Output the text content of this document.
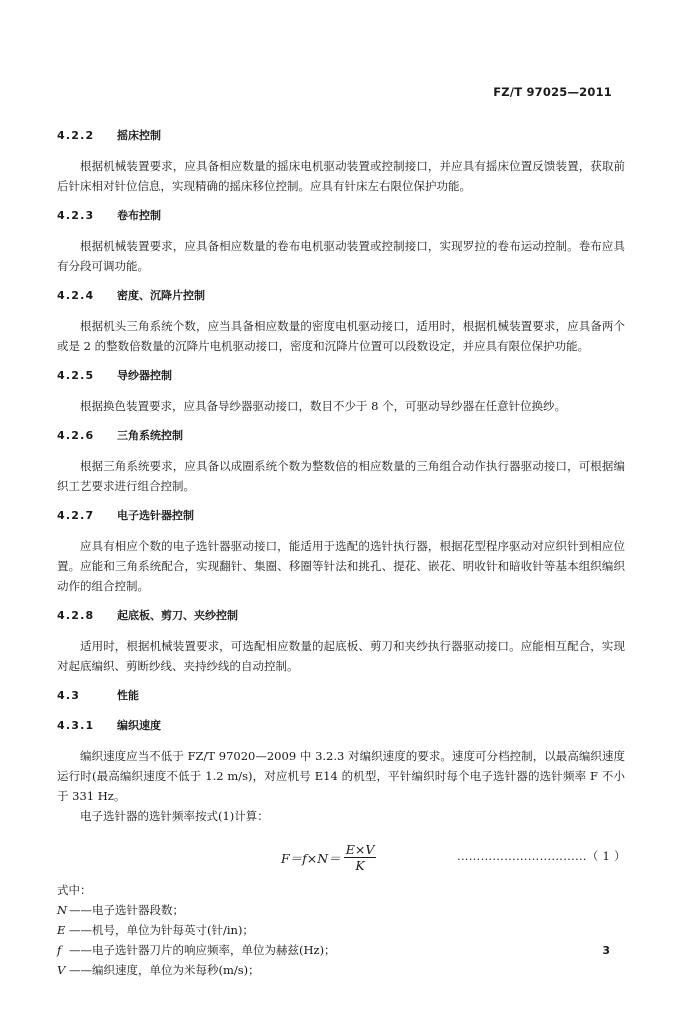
FZ/T 97025—2011
4.2.2 摇床控制

根据机械装置要求，应具备相应数量的摇床电机驱动装置或控制接口，并应具有摇床位置反馈装置，获取前后针床相对针位信息，实现精确的摇床移位控制。应具有针床左右限位保护功能。

4.2.3 卷布控制

根据机械装置要求，应具备相应数量的卷布电机驱动装置或控制接口，实现罗拉的卷布运动控制。卷布应具有分段可调功能。

4.2.4 密度、沉降片控制

根据机头三角系统个数，应当具备相应数量的密度电机驱动接口，适用时，根据机械装置要求，应具备两个或是 2 的整数倍数量的沉降片电机驱动接口，密度和沉降片位置可以段数设定，并应具有限位保护功能。

4.2.5 导纱器控制

根据换色装置要求，应具备导纱器驱动接口，数目不少于 8 个，可驱动导纱器在任意针位换纱。

4.2.6 三角系统控制

根据三角系统要求，应具备以成圈系统个数为整数倍的相应数量的三角组合动作执行器驱动接口，可根据编织工艺要求进行组合控制。

4.2.7 电子选针器控制

应具有相应个数的电子选针器驱动接口，能适用于选配的选针执行器，根据花型程序驱动对应织针到相应位置。应能和三角系统配合，实现翻针、集圈、移圈等针法和挑孔、提花、嵌花、明收针和暗收针等基本组织编织动作的组合控制。

4.2.8 起底板、剪刀、夹纱控制

适用时，根据机械装置要求，可选配相应数量的起底板、剪刀和夹纱执行器驱动接口。应能相互配合，实现对起底编织、剪断纱线、夹持纱线的自动控制。

4.3	性能
4.3.1 编织速度

编织速度应当不低于 FZ/T 97020—2009 中 3.2.3 对编织速度的要求。速度可分档控制，以最高编织速度运行时(最高编织速度不低于 1.2 m/s)，对应机号 E14 的机型，平针编织时每个电子选针器的选针频率 F 不小于 331 Hz。

电子选针器的选针频率按式(1)计算：

$F=f\times N= \frac{E\times V}{K}$	……………………………（ 1 ）

式中：

N ——电子选针器段数；

E ——机号，单位为针每英寸(针/in)；

f ——电子选针器刀片的响应频率，单位为赫兹(Hz)；

V ——编织速度，单位为米每秒(m/s)；

3
